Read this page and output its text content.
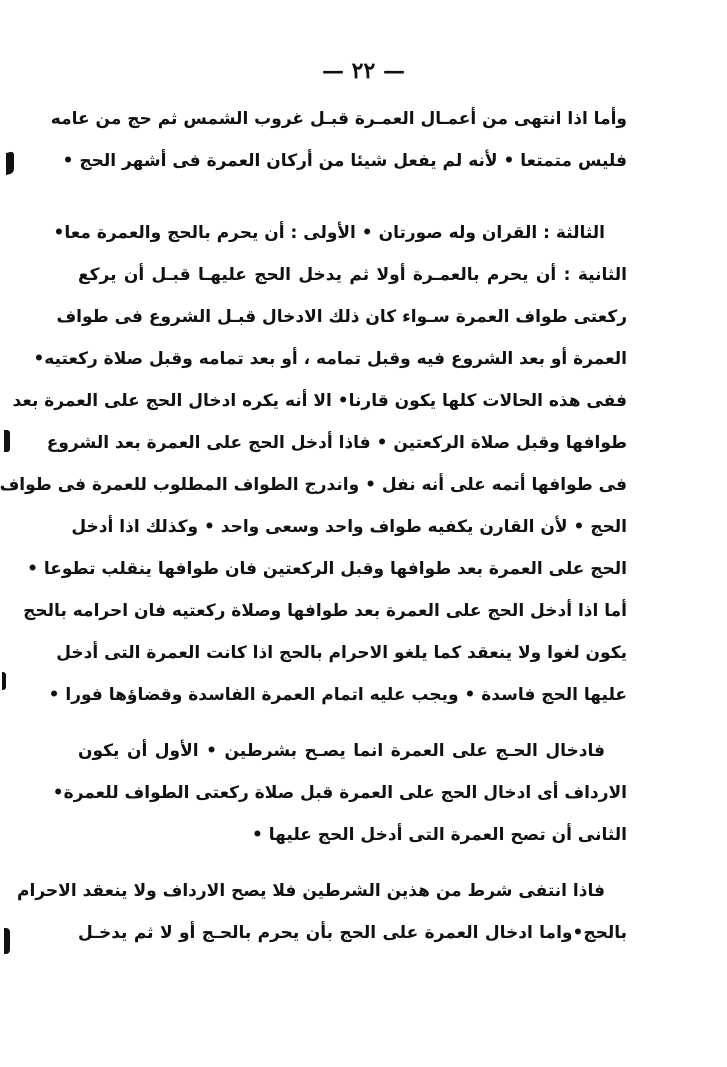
— ٢٢ —
وأما اذا انتهى من أعمـال العمـرة قبـل غروب الشمس ثم حج من عامه
فليس متمتعا • لأنه لم يفعل شيئا من أركان العمرة فى أشهر الحج •
الثالثة : القران وله صورتان • الأولى : أن يحرم بالحج والعمرة معا•
الثانية : أن يحرم بالعمـرة أولا ثم يدخل الحج عليهـا قبـل أن يركع
ركعتى طواف العمرة سـواء كان ذلك الادخال قبـل الشروع فى طواف
العمرة أو بعد الشروع فيه وقبل تمامه ، أو بعد تمامه وقبل صلاة ركعتيه•
ففى هذه الحالات كلها يكون قارنا• الا أنه يكره ادخال الحج على العمرة بعد
طوافها وقبل صلاة الركعتين • فاذا أدخل الحج على العمرة بعد الشروع
فى طوافها أتمه على أنه نفل • واندرج الطواف المطلوب للعمرة فى طواف
الحج • لأن القارن يكفيه طواف واحد وسعى واحد • وكذلك اذا أدخل
الحج على العمرة بعد طوافها وقبل الركعتين فان طوافها ينقلب تطوعا •
أما اذا أدخل الحج على العمرة بعد طوافها وصلاة ركعتيه فان احرامه بالحج
يكون لغوا ولا ينعقد كما يلغو الاحرام بالحج اذا كانت العمرة التى أدخل
عليها الحج فاسدة • ويجب عليه اتمام العمرة الفاسدة وقضاؤها فورا •
فادخال الحـج على العمرة انما يصـح بشرطين • الأول أن يكون
الارداف أى ادخال الحج على العمرة قبل صلاة ركعتى الطواف للعمرة•
الثانى أن تصح العمرة التى أدخل الحج عليها •
فاذا انتفى شرط من هذين الشرطين فلا يصح الارداف ولا ينعقد الاحرام
بالحج•واما ادخال العمرة على الحج بأن يحرم بالحـج أو لا ثم يدخـل
